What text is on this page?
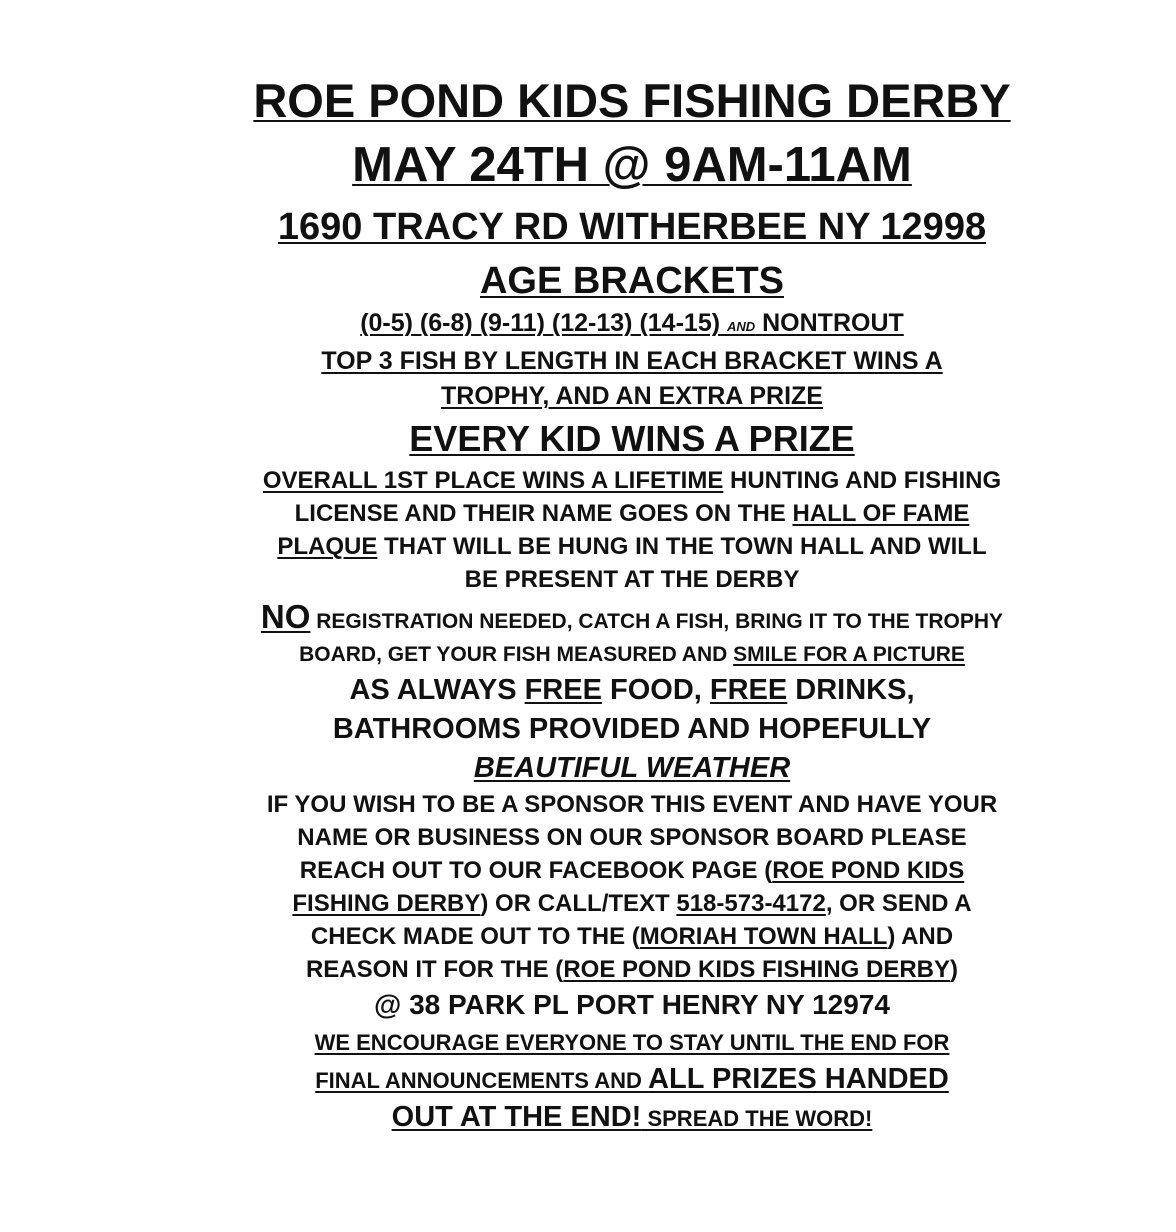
ROE POND KIDS FISHING DERBY

MAY 24TH @ 9AM-11AM

1690 TRACY RD WITHERBEE NY 12998

AGE BRACKETS

(0-5) (6-8) (9-11) (12-13) (14-15) AND NONTROUT

TOP 3 FISH BY LENGTH IN EACH BRACKET WINS A

TROPHY, AND AN EXTRA PRIZE

EVERY KID WINS A PRIZE

OVERALL 1ST PLACE WINS A LIFETIME HUNTING AND FISHING

LICENSE AND THEIR NAME GOES ON THE HALL OF FAME

PLAQUE THAT WILL BE HUNG IN THE TOWN HALL AND WILL

BE PRESENT AT THE DERBY

NO REGISTRATION NEEDED, CATCH A FISH, BRING IT TO THE TROPHY

BOARD, GET YOUR FISH MEASURED AND SMILE FOR A PICTURE

AS ALWAYS FREE FOOD, FREE DRINKS,

BATHROOMS PROVIDED AND HOPEFULLY

BEAUTIFUL WEATHER

IF YOU WISH TO BE A SPONSOR THIS EVENT AND HAVE YOUR

NAME OR BUSINESS ON OUR SPONSOR BOARD PLEASE

REACH OUT TO OUR FACEBOOK PAGE (ROE POND KIDS

FISHING DERBY) OR CALL/TEXT 518-573-4172, OR SEND A

CHECK MADE OUT TO THE (MORIAH TOWN HALL) AND

REASON IT FOR THE (ROE POND KIDS FISHING DERBY)

@ 38 PARK PL PORT HENRY NY 12974

WE ENCOURAGE EVERYONE TO STAY UNTIL THE END FOR

FINAL ANNOUNCEMENTS AND ALL PRIZES HANDED

OUT AT THE END! SPREAD THE WORD!
